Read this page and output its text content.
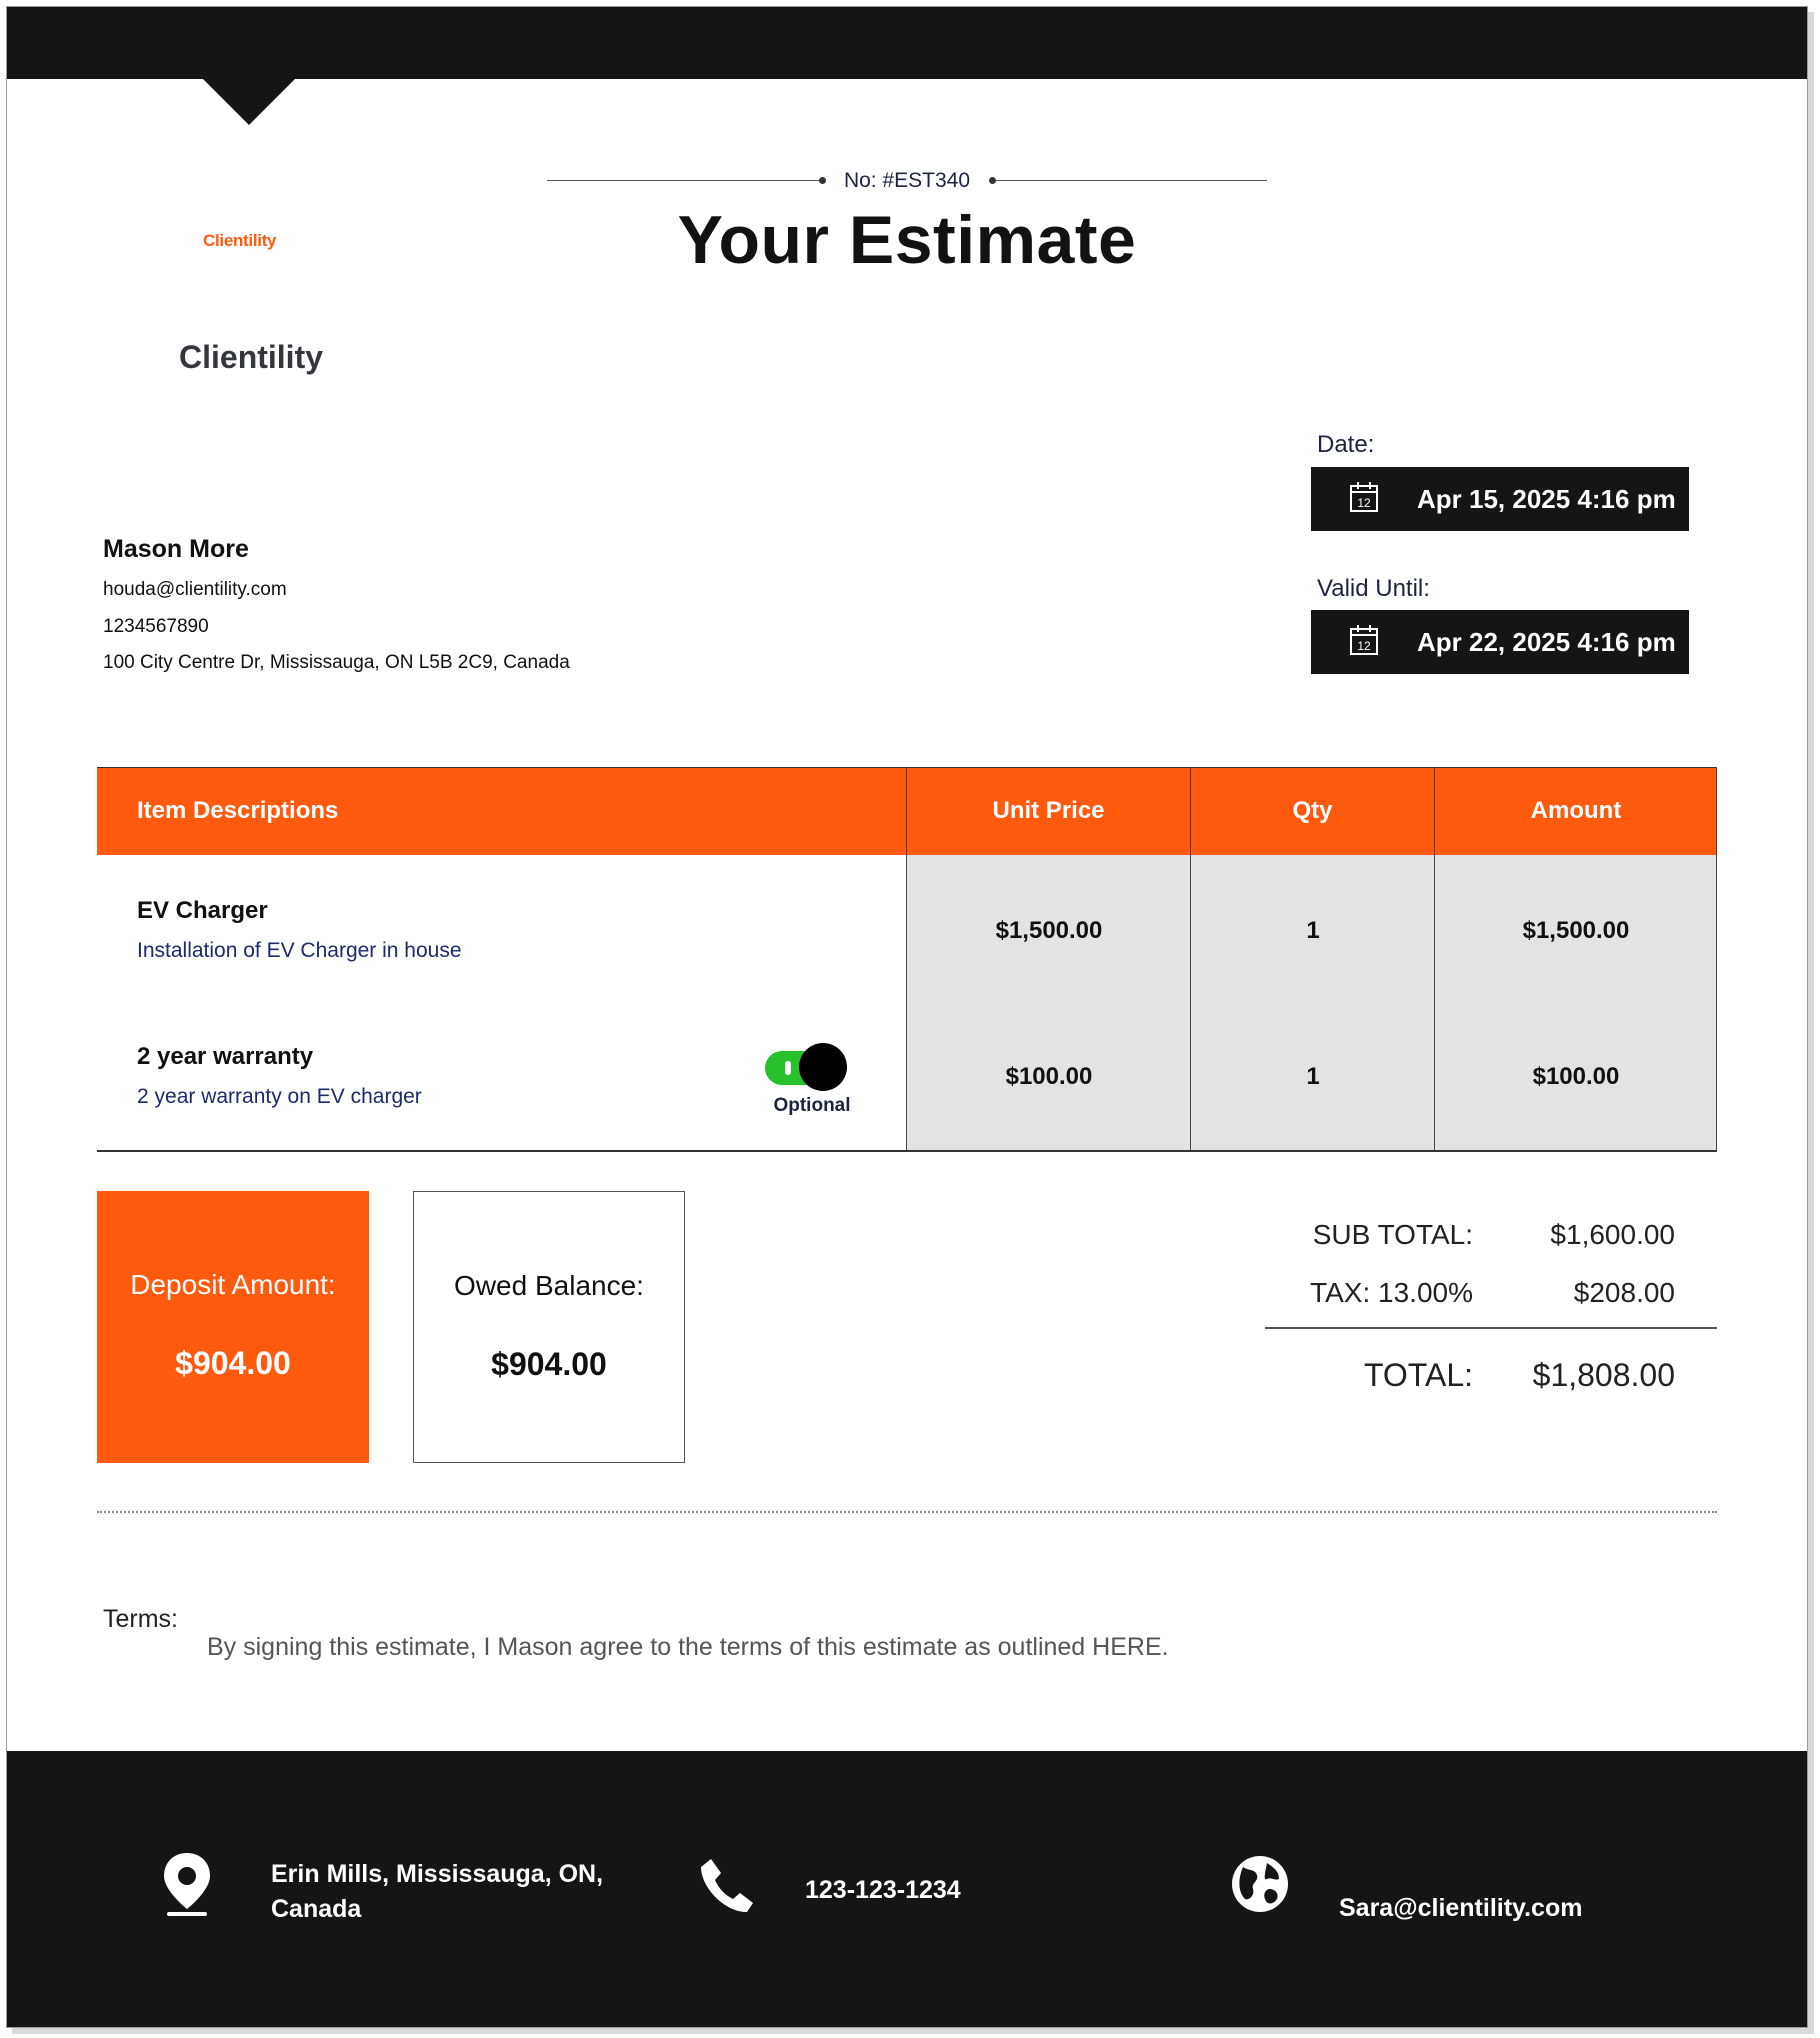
No: #EST340
Your Estimate
Clientility
Clientility
Mason More
houda@clientility.com
1234567890
100 City Centre Dr, Mississauga, ON L5B 2C9, Canada
Date:
12 Apr 15, 2025 4:16 pm
Valid Until:
12 Apr 22, 2025 4:16 pm
Item Descriptions	Unit Price	Qty	Amount
EV Charger
Installation of EV Charger in house
$1,500.00	1	$1,500.00
2 year warranty
2 year warranty on EV charger	Optional
$100.00	1	$100.00
Deposit Amount:
$904.00
Owed Balance:
$904.00
SUB TOTAL:	$1,600.00
TAX: 13.00%	$208.00
TOTAL:	$1,808.00
Terms:
By signing this estimate, I Mason agree to the terms of this estimate as outlined HERE.
Erin Mills, Mississauga, ON,
Canada
123-123-1234
Sara@clientility.com
